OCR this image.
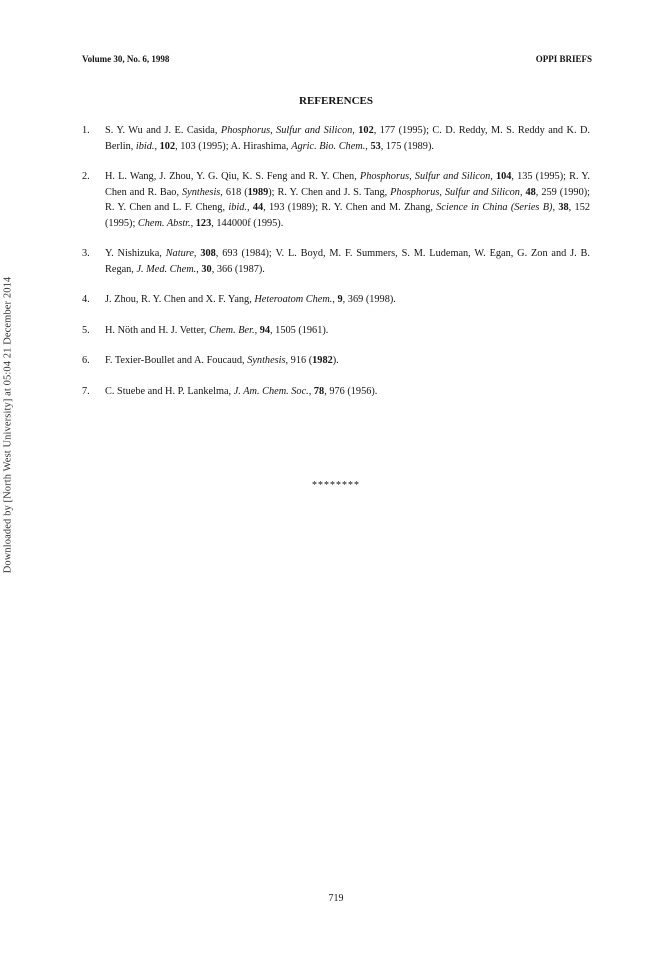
Volume 30, No. 6, 1998	OPPI BRIEFS
Downloaded by [North West University] at 05:04 21 December 2014
REFERENCES
1. S. Y. Wu and J. E. Casida, Phosphorus, Sulfur and Silicon, 102, 177 (1995); C. D. Reddy, M. S. Reddy and K. D. Berlin, ibid., 102, 103 (1995); A. Hirashima, Agric. Bio. Chem., 53, 175 (1989).
2. H. L. Wang, J. Zhou, Y. G. Qiu, K. S. Feng and R. Y. Chen, Phosphorus, Sulfur and Silicon, 104, 135 (1995); R. Y. Chen and R. Bao, Synthesis, 618 (1989); R. Y. Chen and J. S. Tang, Phosphorus, Sulfur and Silicon, 48, 259 (1990); R. Y. Chen and L. F. Cheng, ibid., 44, 193 (1989); R. Y. Chen and M. Zhang, Science in China (Series B), 38, 152 (1995); Chem. Abstr., 123, 144000f (1995).
3. Y. Nishizuka, Nature, 308, 693 (1984); V. L. Boyd, M. F. Summers, S. M. Ludeman, W. Egan, G. Zon and J. B. Regan, J. Med. Chem., 30, 366 (1987).
4. J. Zhou, R. Y. Chen and X. F. Yang, Heteroatom Chem., 9, 369 (1998).
5. H. Nöth and H. J. Vetter, Chem. Ber., 94, 1505 (1961).
6. F. Texier-Boullet and A. Foucaud, Synthesis, 916 (1982).
7. C. Stuebe and H. P. Lankelma, J. Am. Chem. Soc., 78, 976 (1956).
********
719
